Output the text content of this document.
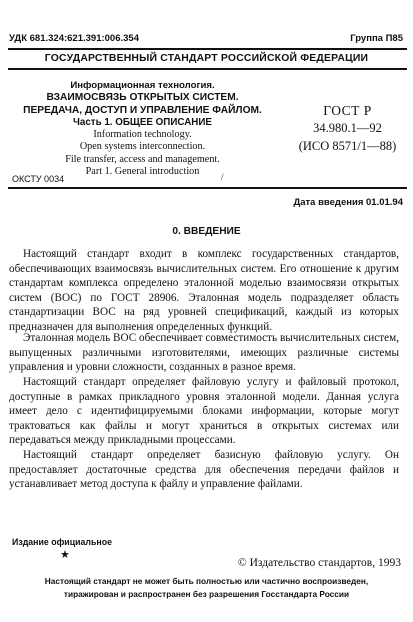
УДК 681.324:621.391:006.354	Группа П85
ГОСУДАРСТВЕННЫЙ СТАНДАРТ РОССИЙСКОЙ ФЕДЕРАЦИИ
Информационная технология.
ВЗАИМОСВЯЗЬ ОТКРЫТЫХ СИСТЕМ.
ПЕРЕДАЧА, ДОСТУП И УПРАВЛЕНИЕ ФАЙЛОМ.
Часть 1. ОБЩЕЕ ОПИСАНИЕ
Information technology.
Open systems interconnection.
File transfer, access and management.
Part 1. General introduction
ГОСТ Р
34.980.1—92
(ИСО 8571/1—88)
ОКСТУ 0034	/
Дата введения 01.01.94
0. ВВЕДЕНИЕ
Настоящий стандарт входит в комплекс государственных стандартов, обеспечивающих взаимосвязь вычислительных систем. Его отношение к другим стандартам комплекса определено эталонной моделью взаимосвязи открытых систем (ВОС) по ГОСТ 28906. Эталонная модель подразделяет область стандартизации ВОС на ряд уровней спецификаций, каждый из которых предназначен для выполнения определенных функций.
Эталонная модель ВОС обеспечивает совместимость вычислительных систем, выпущенных различными изготовителями, имеющих различные системы управления и уровни сложности, созданных в разное время.
Настоящий стандарт определяет файловую услугу и файловый протокол, доступные в рамках прикладного уровня эталонной модели. Данная услуга имеет дело с идентифицируемыми блоками информации, которые могут трактоваться как файлы и могут храниться в открытых системах или передаваться между прикладными процессами.
Настоящий стандарт определяет базисную файловую услугу. Он предоставляет достаточные средства для обеспечения передачи файлов и устанавливает метод доступа к файлу и управление файлами.
Издание официальное
★
© Издательство стандартов, 1993
Настоящий стандарт не может быть полностью или частично воспроизведен,
тиражирован и распространен без разрешения Госстандарта России
